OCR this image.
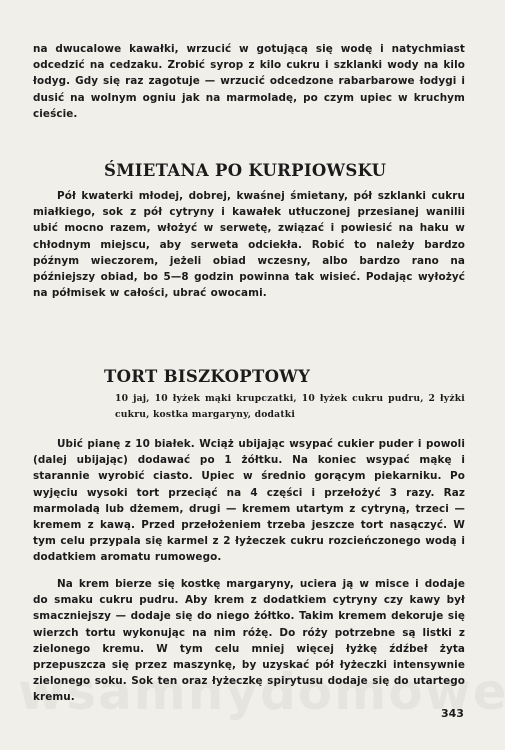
na dwucalowe kawałki, wrzucić w gotującą się wodę i natychmiast odcedzić na cedzaku. Zrobić syrop z kilo cukru i szklanki wody na kilo łodyg. Gdy się raz zagotuje — wrzucić odcedzone rabarbarowe łodygi i dusić na wolnym ogniu jak na marmoladę, po czym upiec w kruchym cieście.

ŚMIETANA PO KURPIOWSKU

Pół kwaterki młodej, dobrej, kwaśnej śmietany, pół szklanki cukru miałkiego, sok z pół cytryny i kawałek utłuczonej przesianej wanilii ubić mocno razem, włożyć w serwetę, związać i powiesić na haku w chłodnym miejscu, aby serweta odciekła. Robić to należy bardzo późnym wieczorem, jeżeli obiad wczesny, albo bardzo rano na późniejszy obiad, bo 5—8 godzin powinna tak wisieć. Podając wyłożyć na półmisek w całości, ubrać owocami.

TORT BISZKOPTOWY

10 jaj, 10 łyżek mąki krupczatki, 10 łyżek cukru pudru, 2 łyżki cukru, kostka margaryny, dodatki

Ubić pianę z 10 białek. Wciąż ubijając wsypać cukier puder i powoli (dalej ubijając) dodawać po 1 żółtku. Na koniec wsypać mąkę i starannie wyrobić ciasto. Upiec w średnio gorącym piekarniku. Po wyjęciu wysoki tort przeciąć na 4 części i przełożyć 3 razy. Raz marmoladą lub dżemem, drugi — kremem utartym z cytryną, trzeci — kremem z kawą. Przed przełożeniem trzeba jeszcze tort nasączyć. W tym celu przypala się karmel z 2 łyżeczek cukru rozcieńczonego wodą i dodatkiem aromatu rumowego.

Na krem bierze się kostkę margaryny, uciera ją w misce i dodaje do smaku cukru pudru. Aby krem z dodatkiem cytryny czy kawy był smaczniejszy — dodaje się do niego żółtko. Takim kremem dekoruje się wierzch tortu wykonując na nim różę. Do róży potrzebne są listki z zielonego kremu. W tym celu mniej więcej łyżkę źdźbeł żyta przepuszcza się przez maszynkę, by uzyskać pół łyżeczki intensywnie zielonego soku. Sok ten oraz łyżeczkę spirytusu dodaje się do utartego kremu.

343
